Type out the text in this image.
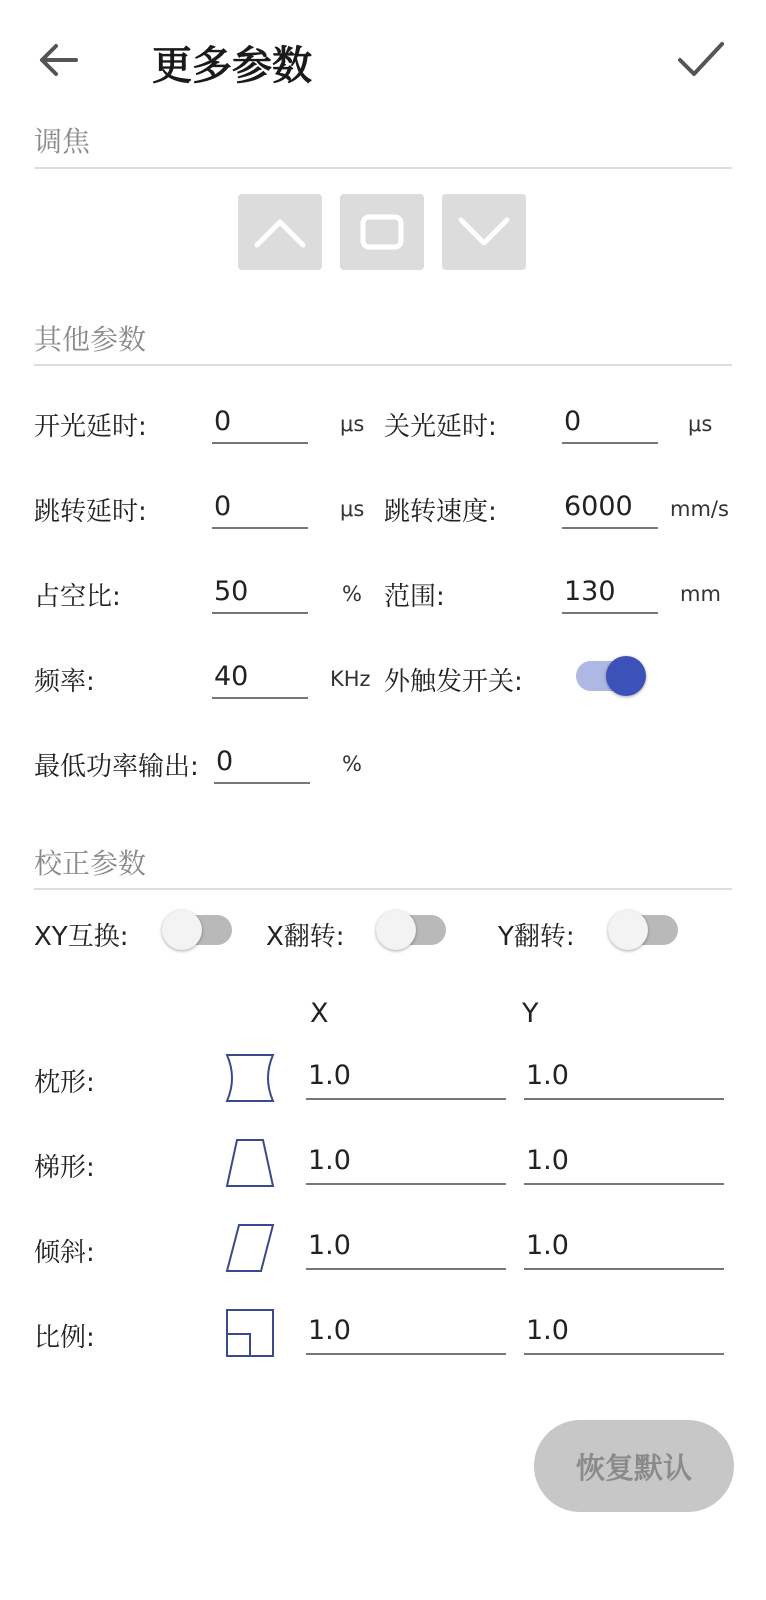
更多参数
调焦
其他参数
开光延时: 0	μs 关光延时: 0	μs
跳转延时: 0	μs 跳转速度: 6000	mm/s
占空比:	50	% 范围:	130	mm
频率:	40	KHz 外触发开关:
最低功率输出: 0	%
校正参数
XY互换:	X翻转:	Y翻转:
X	Y
枕形:	1.0	1.0
梯形:	1.0	1.0
倾斜:	1.0	1.0
比例:	1.0	1.0
恢复默认
